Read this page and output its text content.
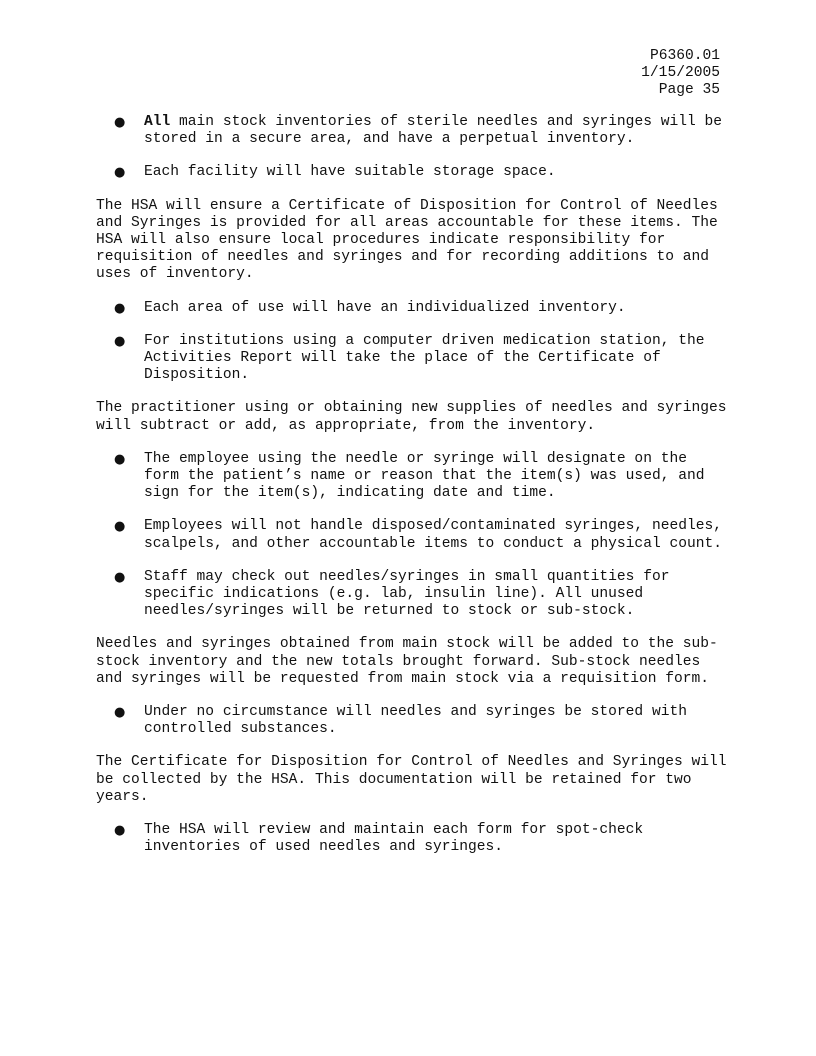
P6360.01
1/15/2005
Page 35
● All main stock inventories of sterile needles and syringes will be stored in a secure area, and have a perpetual inventory.
● Each facility will have suitable storage space.

The HSA will ensure a Certificate of Disposition for Control of Needles and Syringes is provided for all areas accountable for these items. The HSA will also ensure local procedures indicate responsibility for requisition of needles and syringes and for recording additions to and uses of inventory.

● Each area of use will have an individualized inventory.
● For institutions using a computer driven medication station, the Activities Report will take the place of the Certificate of Disposition.

The practitioner using or obtaining new supplies of needles and syringes will subtract or add, as appropriate, from the inventory.

● The employee using the needle or syringe will designate on the form the patient’s name or reason that the item(s) was used, and sign for the item(s), indicating date and time.
● Employees will not handle disposed/contaminated syringes, needles, scalpels, and other accountable items to conduct a physical count.
● Staff may check out needles/syringes in small quantities for specific indications (e.g. lab, insulin line). All unused needles/syringes will be returned to stock or sub-stock.

Needles and syringes obtained from main stock will be added to the sub-stock inventory and the new totals brought forward. Sub-stock needles and syringes will be requested from main stock via a requisition form.

● Under no circumstance will needles and syringes be stored with controlled substances.

The Certificate for Disposition for Control of Needles and Syringes will be collected by the HSA. This documentation will be retained for two years.

● The HSA will review and maintain each form for spot-check inventories of used needles and syringes.
